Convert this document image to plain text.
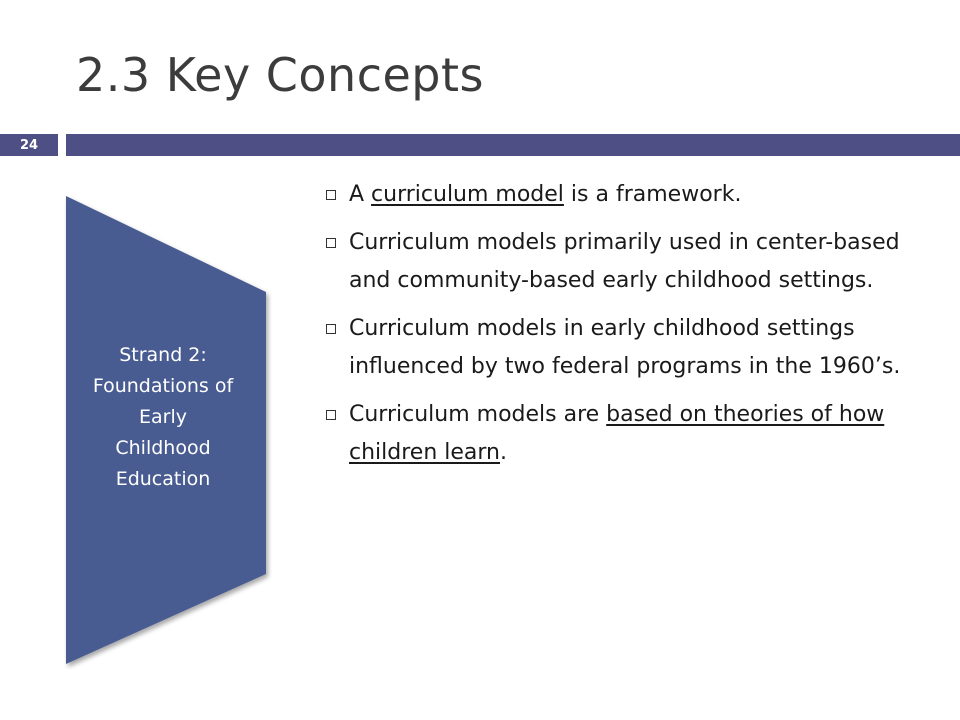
2.3 Key Concepts
24
Strand 2:
Foundations of
Early
Childhood
Education
A curriculum model is a framework.
Curriculum models primarily used in center-based and community-based early childhood settings.
Curriculum models in early childhood settings influenced by two federal programs in the 1960’s.
Curriculum models are based on theories of how children learn.
